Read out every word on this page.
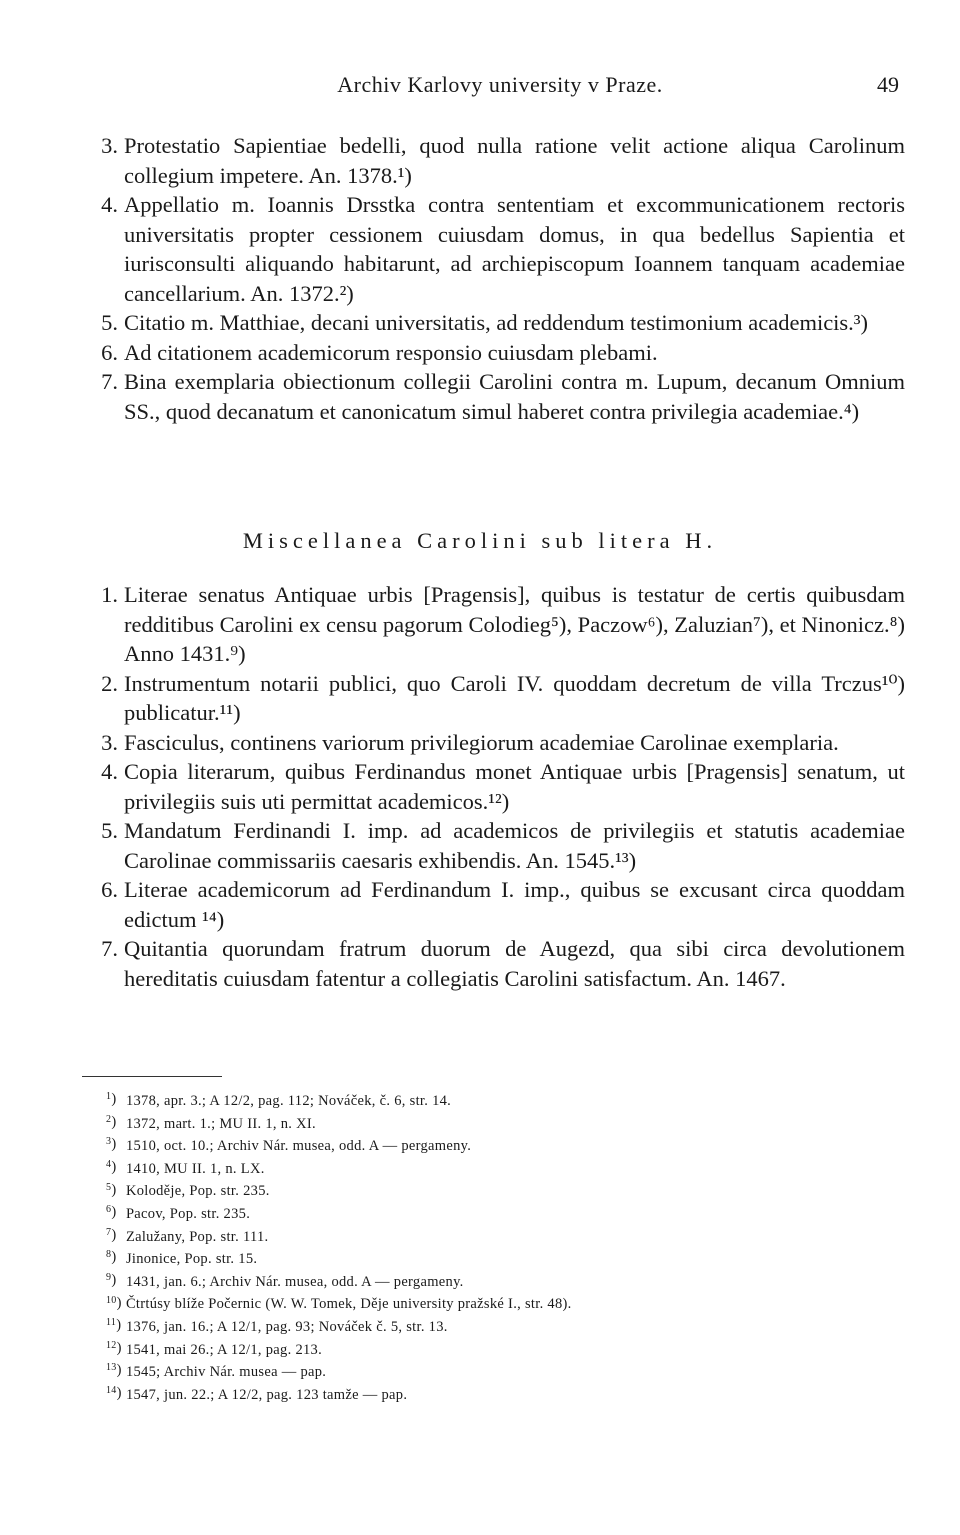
Archiv Karlovy university v Praze.	49
3. Protestatio Sapientiae bedelli, quod nulla ratione velit actione aliqua Carolinum collegium impetere. An. 1378.¹)
4. Appellatio m. Ioannis Drsstka contra sententiam et excommunicationem rectoris universitatis propter cessionem cuiusdam domus, in qua bedellus Sapientia et iurisconsulti aliquando habitarunt, ad archiepiscopum Ioannem tanquam academiae cancellarium. An. 1372.²)
5. Citatio m. Matthiae, decani universitatis, ad reddendum testimonium academicis.³)
6. Ad citationem academicorum responsio cuiusdam plebami.
7. Bina exemplaria obiectionum collegii Carolini contra m. Lupum, decanum Omnium SS., quod decanatum et canonicatum simul haberet contra privilegia academiae.⁴)
Miscellanea Carolini sub litera H.
1. Literae senatus Antiquae urbis [Pragensis], quibus is testatur de certis quibusdam redditibus Carolini ex censu pagorum Colodieg⁵), Paczow⁶), Zaluzian⁷), et Ninonicz.⁸) Anno 1431.⁹)
2. Instrumentum notarii publici, quo Caroli IV. quoddam decretum de villa Trczus¹⁰) publicatur.¹¹)
3. Fasciculus, continens variorum privilegiorum academiae Carolinae exemplaria.
4. Copia literarum, quibus Ferdinandus monet Antiquae urbis [Pragensis] senatum, ut privilegiis suis uti permittat academicos.¹²)
5. Mandatum Ferdinandi I. imp. ad academicos de privilegiis et statutis academiae Carolinae commissariis caesaris exhibendis. An. 1545.¹³)
6. Literae academicorum ad Ferdinandum I. imp., quibus se excusant circa quoddam edictum ¹⁴)
7. Quitantia quorundam fratrum duorum de Augezd, qua sibi circa devolutionem hereditatis cuiusdam fatentur a collegiatis Carolini satisfactum. An. 1467.
1 ) 1378, apr. 3.; A 12/2, pag. 112; Nováček, č. 6, str. 14.
2 ) 1372, mart. 1.; MU II. 1, n. XI.
3 ) 1510, oct. 10.; Archiv Nár. musea, odd. A — pergameny.
4 ) 1410, MU II. 1, n. LX.
5 ) Koloděje, Pop. str. 235.
6 ) Pacov, Pop. str. 235.
7 ) Zalužany, Pop. str. 111.
8 ) Jinonice, Pop. str. 15.
9 ) 1431, jan. 6.; Archiv Nár. musea, odd. A — pergameny.
10 ) Čtrtúsy blíže Počernic (W. W. Tomek, Děje university pražské I., str. 48).
11 ) 1376, jan. 16.; A 12/1, pag. 93; Nováček č. 5, str. 13.
12 ) 1541, mai 26.; A 12/1, pag. 213.
13 ) 1545; Archiv Nár. musea — pap.
14 ) 1547, jun. 22.; A 12/2, pag. 123 tamže — pap.
